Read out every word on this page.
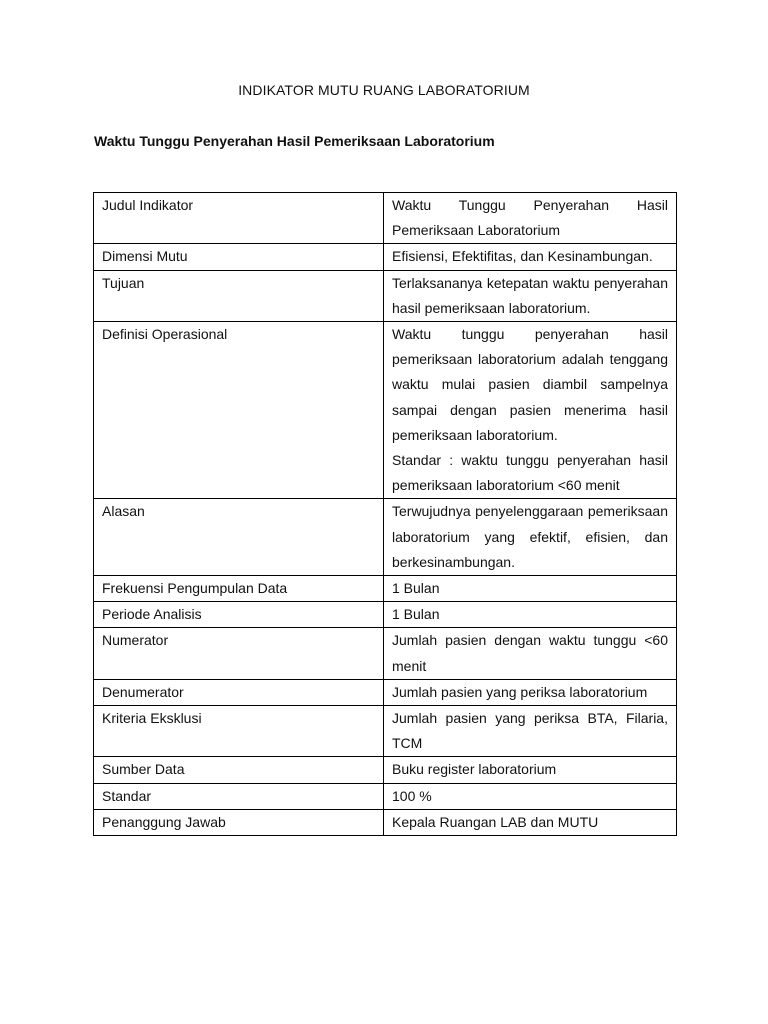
INDIKATOR MUTU RUANG LABORATORIUM
Waktu Tunggu Penyerahan Hasil Pemeriksaan Laboratorium
Judul Indikator	Waktu Tunggu Penyerahan Hasil Pemeriksaan Laboratorium

Dimensi Mutu	Efisiensi, Efektifitas, dan Kesinambungan.

Tujuan	Terlaksananya ketepatan waktu penyerahan hasil pemeriksaan laboratorium.

Definisi Operasional	Waktu tunggu penyerahan hasil pemeriksaan laboratorium adalah tenggang waktu mulai pasien diambil sampelnya sampai dengan pasien menerima hasil pemeriksaan laboratorium.
Standar : waktu tunggu penyerahan hasil pemeriksaan laboratorium <60 menit

Alasan	Terwujudnya penyelenggaraan pemeriksaan laboratorium yang efektif, efisien, dan berkesinambungan.

Frekuensi Pengumpulan Data	1 Bulan

Periode Analisis	1 Bulan

Numerator	Jumlah pasien dengan waktu tunggu <60 menit

Denumerator	Jumlah pasien yang periksa laboratorium

Kriteria Eksklusi	Jumlah pasien yang periksa BTA, Filaria, TCM

Sumber Data	Buku register laboratorium

Standar	100 %

Penanggung Jawab	Kepala Ruangan LAB dan MUTU
